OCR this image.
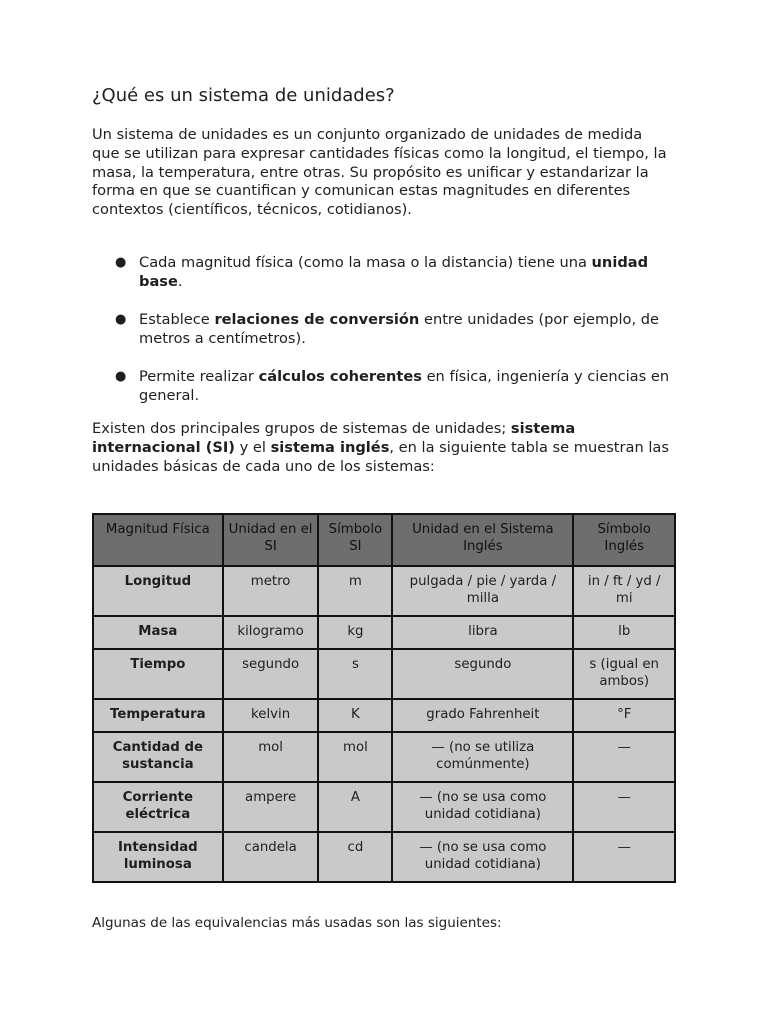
¿Qué es un sistema de unidades?

Un sistema de unidades es un conjunto organizado de unidades de medida que se utilizan para expresar cantidades físicas como la longitud, el tiempo, la masa, la temperatura, entre otras. Su propósito es unificar y estandarizar la forma en que se cuantifican y comunican estas magnitudes en diferentes contextos (científicos, técnicos, cotidianos).

● Cada magnitud física (como la masa o la distancia) tiene una unidad base.
● Establece relaciones de conversión entre unidades (por ejemplo, de metros a centímetros).
● Permite realizar cálculos coherentes en física, ingeniería y ciencias en general.

Existen dos principales grupos de sistemas de unidades; sistema internacional (SI) y el sistema inglés, en la siguiente tabla se muestran las unidades básicas de cada uno de los sistemas:

Magnitud Física	Unidad en el SI	Símbolo SI	Unidad en el Sistema Inglés	Símbolo Inglés
Longitud	metro	m	pulgada / pie / yarda / milla	in / ft / yd / mi
Masa	kilogramo	kg	libra	lb
Tiempo	segundo	s	segundo	s (igual en ambos)
Temperatura	kelvin	K	grado Fahrenheit	°F
Cantidad de sustancia	mol	mol	— (no se utiliza comúnmente)	—
Corriente eléctrica	ampere	A	— (no se usa como unidad cotidiana)	—
Intensidad luminosa	candela	cd	— (no se usa como unidad cotidiana)	—

Algunas de las equivalencias más usadas son las siguientes:
